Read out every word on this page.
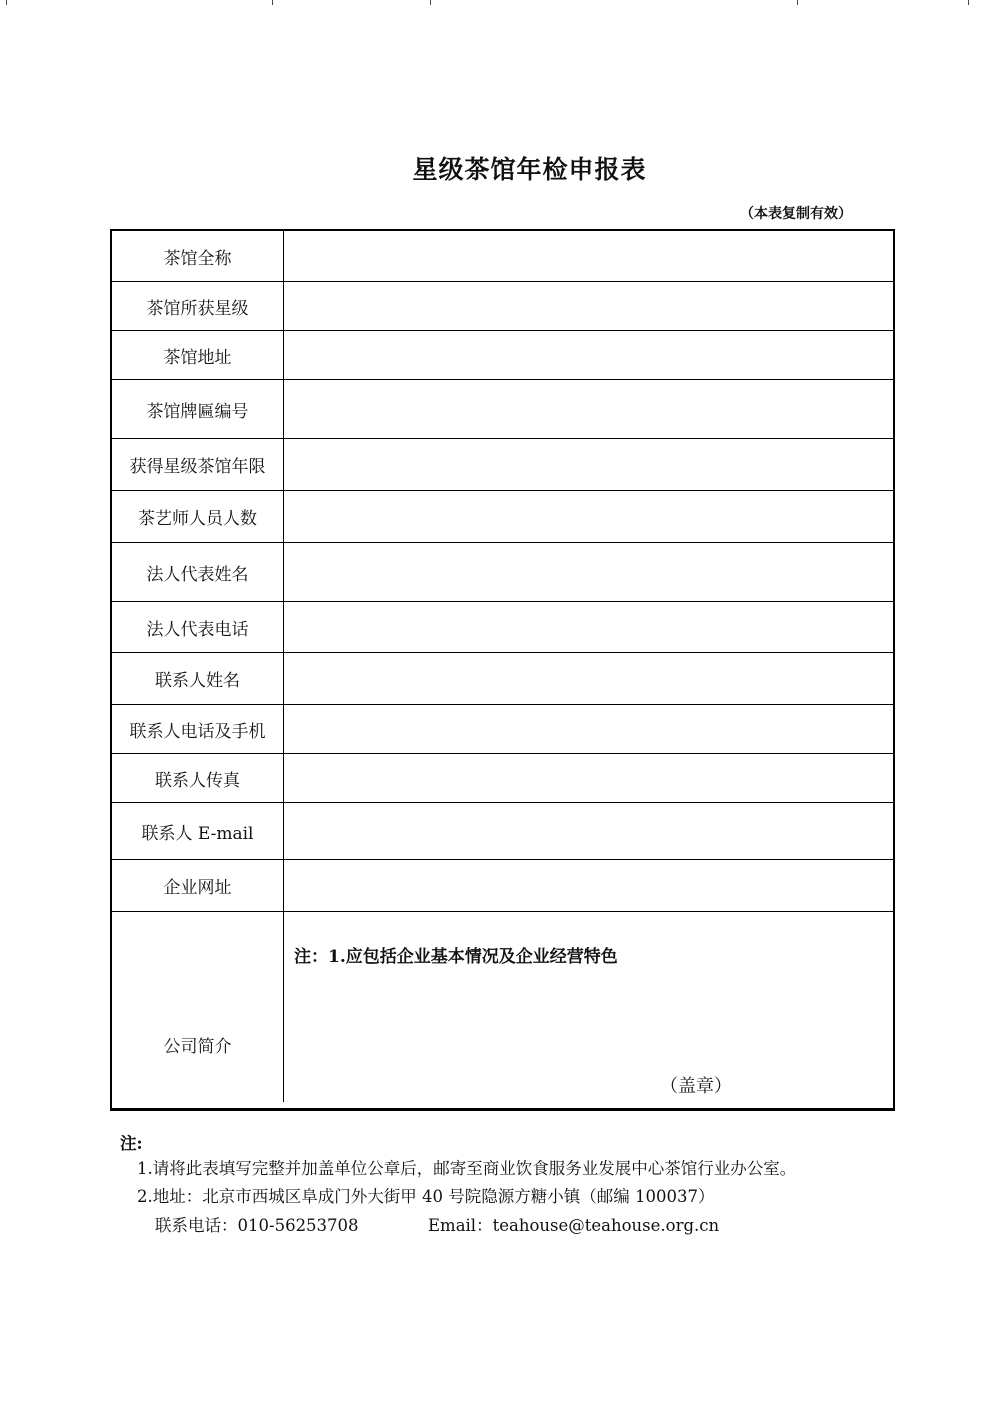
星级茶馆年检申报表
（本表复制有效）
茶馆全称
茶馆所获星级
茶馆地址
茶馆牌匾编号
获得星级茶馆年限
茶艺师人员人数
法人代表姓名
法人代表电话
联系人姓名
联系人电话及手机
联系人传真
联系人 E-mail
企业网址
公司简介
注：1.应包括企业基本情况及企业经营特色
（盖章）
注:
1.请将此表填写完整并加盖单位公章后，邮寄至商业饮食服务业发展中心茶馆行业办公室。
2.地址：北京市西城区阜成门外大街甲 40 号院隐源方糖小镇（邮编 100037）
联系电话：010-56253708	Email：teahouse@teahouse.org.cn
